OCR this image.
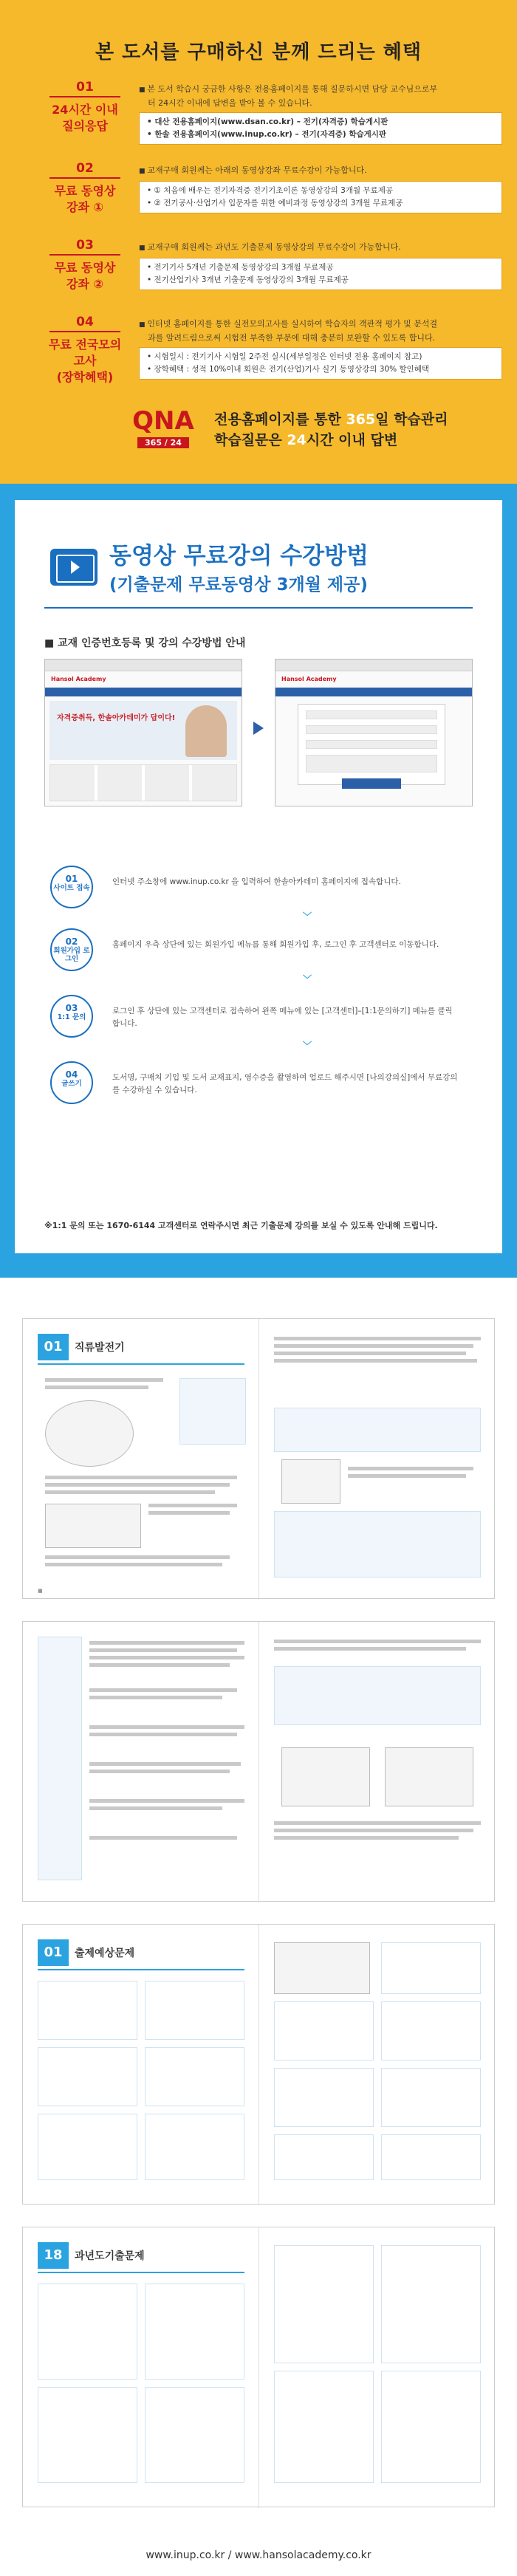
본 도서를 구매하신 분께 드리는 혜택
01
24시간 이내
질의응답
■ 본 도서 학습시 궁금한 사항은 전용홈페이지를 통해 질문하시면 담당 교수님으로부
터 24시간 이내에 답변을 받아 볼 수 있습니다.
• 대산 전용홈페이지(www.dsan.co.kr) – 전기(자격증) 학습게시판
• 한솔 전용홈페이지(www.inup.co.kr) – 전기(자격증) 학습게시판
02
무료 동영상
강좌 ①
■ 교재구매 회원께는 아래의 동영상강좌 무료수강이 가능합니다.
• ① 처음에 배우는 전기자격증 전기기초이론 동영상강의 3개월 무료제공
• ② 전기공사·산업기사 입문자를 위한 예비과정 동영상강의 3개월 무료제공
03
무료 동영상
강좌 ②
■ 교재구매 회원께는 과년도 기출문제 동영상강의 무료수강이 가능합니다.
• 전기기사 5개년 기출문제 동영상강의 3개월 무료제공
• 전기산업기사 3개년 기출문제 동영상강의 3개월 무료제공
04
무료 전국모의고사
(장학혜택)
■ 인터넷 홈페이지를 통한 실전모의고사를 실시하여 학습자의 객관적 평가 및 분석결
과를 알려드림으로써 시험전 부족한 부분에 대해 충분히 보완할 수 있도록 합니다.
• 시험일시 : 전기기사 시험일 2주전 실시(세부일정은 인터넷 전용 홈페이지 참고)
• 장학혜택 : 성적 10%이내 회원은 전기(산업)기사 실기 동영상강의 30% 할인혜택
QNA
365 / 24
전용홈페이지를 통한 365일 학습관리
학습질문은 24시간 이내 답변
동영상 무료강의 수강방법
(기출문제 무료동영상 3개월 제공)
■ 교재 인증번호등록 및 강의 수강방법 안내
Hansol Academy
자격증취득, 한솔아카데미가 답이다!
Hansol Academy
01
사이트 접속
인터넷 주소창에 www.inup.co.kr 을 입력하여 한솔아카데미 홈페이지에 접속합니다.
﹀
02
회원가입 로그인
홈페이지 우측 상단에 있는 회원가입 메뉴를 통해 회원가입 후, 로그인 후 고객센터로 이동합니다.
﹀
03
1:1 문의
로그인 후 상단에 있는 고객센터로 접속하여 왼쪽 메뉴에 있는 [고객센터]–[1:1문의하기] 메뉴를 클릭합니다.
﹀
04
글쓰기
도서명, 구매처 기입 및 도서 교재표지, 영수증을 촬영하여 업로드 해주시면 [나의강의실]에서 무료강의를 수강하실 수 있습니다.
※1:1 문의 또는 1670-6144 고객센터로 연락주시면 최근 기출문제 강의를 보실 수 있도록 안내해 드립니다.
01	직류발전기
■
01	출제예상문제
18	과년도기출문제
www.inup.co.kr / www.hansolacademy.co.kr
